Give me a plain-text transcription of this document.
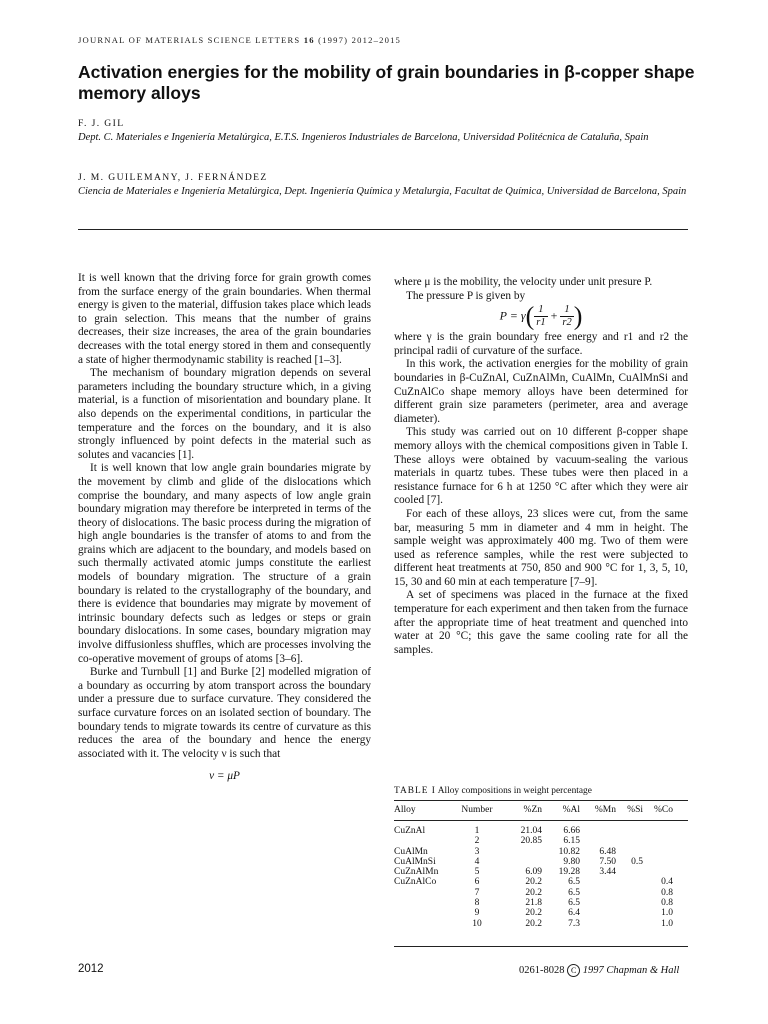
JOURNAL OF MATERIALS SCIENCE LETTERS 16 (1997) 2012–2015
Activation energies for the mobility of grain boundaries in β-copper shape memory alloys
F. J. GIL
Dept. C. Materiales e Ingeniería Metalúrgica, E.T.S. Ingenieros Industriales de Barcelona, Universidad Politécnica de Cataluña, Spain
J. M. GUILEMANY, J. FERNÁNDEZ
Ciencia de Materiales e Ingeniería Metalúrgica, Dept. Ingeniería Química y Metalurgia, Facultat de Química, Universidad de Barcelona, Spain

It is well known that the driving force for grain growth comes from the surface energy of the grain boundaries. When thermal energy is given to the material, diffusion takes place which leads to grain selection. This means that the number of grains decreases, their size increases, the area of the grain boundaries decreases with the total energy stored in them and consequently a state of higher thermodynamic stability is reached [1–3].

The mechanism of boundary migration depends on several parameters including the boundary structure which, in a giving material, is a function of misorientation and boundary plane. It also depends on the experimental conditions, in particular the temperature and the forces on the boundary, and it is also strongly influenced by point defects in the material such as solutes and vacancies [1].

It is well known that low angle grain boundaries migrate by the movement by climb and glide of the dislocations which comprise the boundary, and many aspects of low angle grain boundary migration may therefore be interpreted in terms of the theory of dislocations. The basic process during the migration of high angle boundaries is the transfer of atoms to and from the grains which are adjacent to the boundary, and models based on such thermally activated atomic jumps constitute the earliest models of boundary migration. The structure of a grain boundary is related to the crystallography of the boundary, and there is evidence that boundaries may migrate by movement of intrinsic boundary defects such as ledges or steps or grain boundary dislocations. In some cases, boundary migration may involve diffusionless shuffles, which are processes involving the co-operative movement of groups of atoms [3–6].

Burke and Turnbull [1] and Burke [2] modelled migration of a boundary as occurring by atom transport across the boundary under a pressure due to surface curvature. They considered the surface curvature forces on an isolated section of boundary. The boundary tends to migrate towards its centre of curvature as this reduces the area of the boundary and hence the energy associated with it. The velocity ν is such that

ν = μP

where μ is the mobility, the velocity under unit presure P.

The pressure P is given by

$P = \gamma( \frac{1}{r1} + \frac{1}{r2}$ )

where γ is the grain boundary free energy and r1 and r2 the principal radii of curvature of the surface.

In this work, the activation energies for the mobility of grain boundaries in β-CuZnAl, CuZnAlMn, CuAlMn, CuAlMnSi and CuZnAlCo shape memory alloys have been determined for different grain size parameters (perimeter, area and average diameter).

This study was carried out on 10 different β-copper shape memory alloys with the chemical compositions given in Table I. These alloys were obtained by vacuum-sealing the various materials in quartz tubes. These tubes were then placed in a resistance furnace for 6 h at 1250 °C after which they were air cooled [7].

For each of these alloys, 23 slices were cut, from the same bar, measuring 5 mm in diameter and 4 mm in height. The sample weight was approximately 400 mg. Two of them were used as reference samples, while the rest were subjected to different heat treatments at 750, 850 and 900 °C for 1, 3, 5, 10, 15, 30 and 60 min at each temperature [7–9].

A set of specimens was placed in the furnace at the fixed temperature for each experiment and then taken from the furnace after the appropriate time of heat treatment and quenched into water at 20 °C; this gave the same cooling rate for all the samples.

TABLE I Alloy compositions in weight percentage
Alloy	Number	%Zn	%Al	%Mn	%Si	%Co
CuZnAl	1	21.04	6.66			
	2	20.85	6.15			
CuAlMn	3		10.82	6.48		
CuAlMnSi	4		9.80	7.50	0.5	
CuZnAlMn	5	6.09	19.28	3.44		
CuZnAlCo	6	20.2	6.5			0.4
	7	20.2	6.5			0.8
	8	21.8	6.5			0.8
	9	20.2	6.4			1.0
	10	20.2	7.3			1.0
2012	0261-8028 C 1997 Chapman & Hall
